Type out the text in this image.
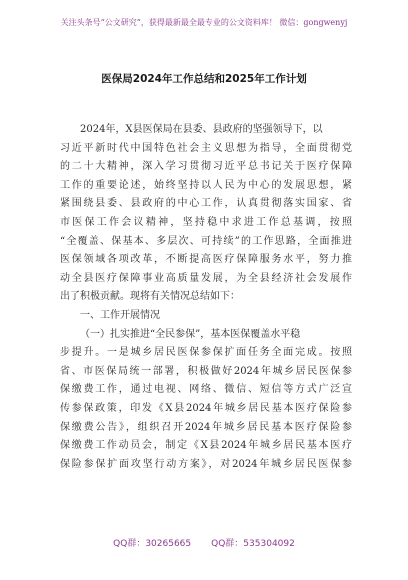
关注头条号“公文研究”，获得最新最全最专业的公文资料库！ 微信：gongwenyj
医保局2024年工作总结和2025年工作计划
2024年，X县医保局在县委、县政府的坚强领导下，以
习近平新时代中国特色社会主义思想为指导，全面贯彻党
的二十大精神，深入学习贯彻习近平总书记关于医疗保障
工作的重要论述，始终坚持以人民为中心的发展思想，紧
紧围绕县委、县政府的中心工作，认真贯彻落实国家、省
市医保工作会议精神，坚持稳中求进工作总基调，按照
“全覆盖、保基本、多层次、可持续”的工作思路，全面推进
医保领域各项改革，不断提高医疗保障服务水平，努力推
动全县医疗保障事业高质量发展，为全县经济社会发展作
出了积极贡献。现将有关情况总结如下：
一、工作开展情况
（一）扎实推进“全民参保”，基本医保覆盖水平稳
步提升。一是城乡居民医保参保扩面任务全面完成。按照
省、市医保局统一部署，积极做好2024年城乡居民医保参
保缴费工作，通过电视、网络、微信、短信等方式广泛宣
传参保政策，印发《X县2024年城乡居民基本医疗保险参
保缴费公告》，组织召开2024年城乡居民基本医疗保险参
保缴费工作动员会，制定《X县2024年城乡居民基本医疗
保险参保扩面攻坚行动方案》，对2024年城乡居民医保参
QQ群：30265665 QQ群：535304092
